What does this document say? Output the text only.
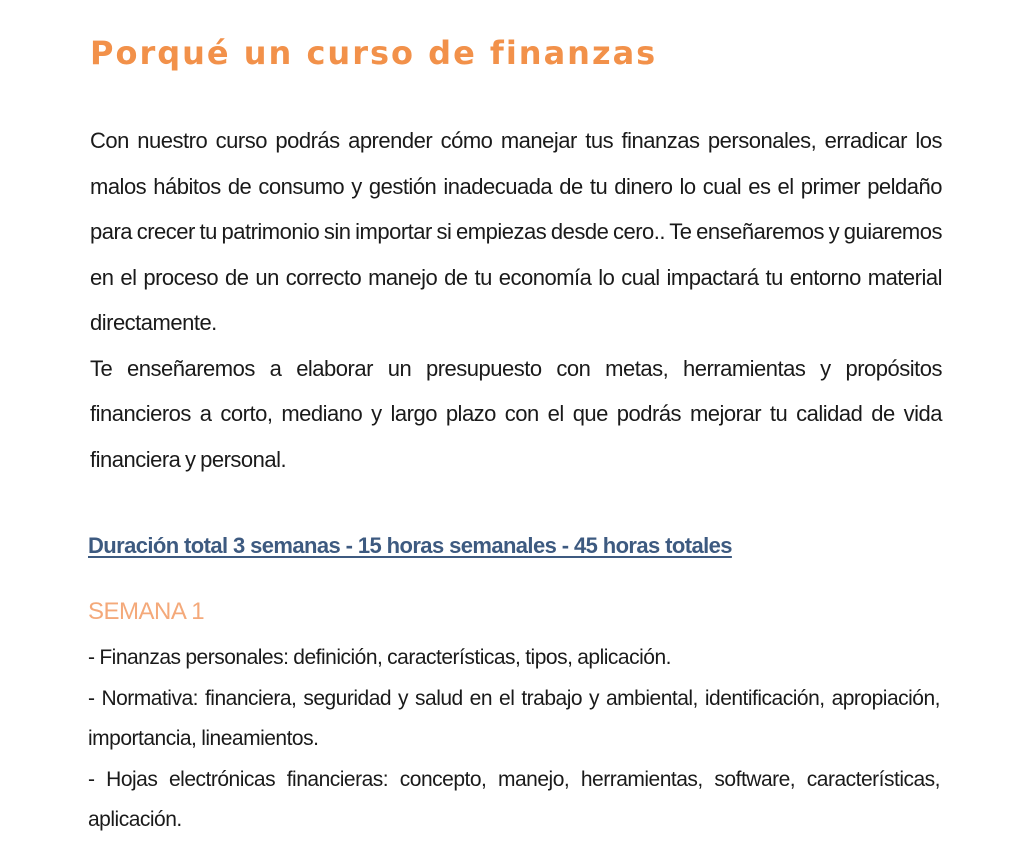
Porqué un curso de finanzas

Con nuestro curso podrás aprender cómo manejar tus finanzas personales, erradicar los malos hábitos de consumo y gestión inadecuada de tu dinero lo cual es el primer peldaño para crecer tu patrimonio sin importar si empiezas desde cero.. Te enseñaremos y guiaremos en el proceso de un correcto manejo de tu economía lo cual impactará tu entorno material directamente.

Te enseñaremos a elaborar un presupuesto con metas, herramientas y propósitos financieros a corto, mediano y largo plazo con el que podrás mejorar tu calidad de vida financiera y personal.

Duración total 3 semanas - 15 horas semanales - 45 horas totales
SEMANA 1
- Finanzas personales: definición, características, tipos, aplicación.
- Normativa: financiera, seguridad y salud en el trabajo y ambiental, identificación, apropiación, importancia, lineamientos.
- Hojas electrónicas financieras: concepto, manejo, herramientas, software, características, aplicación.
